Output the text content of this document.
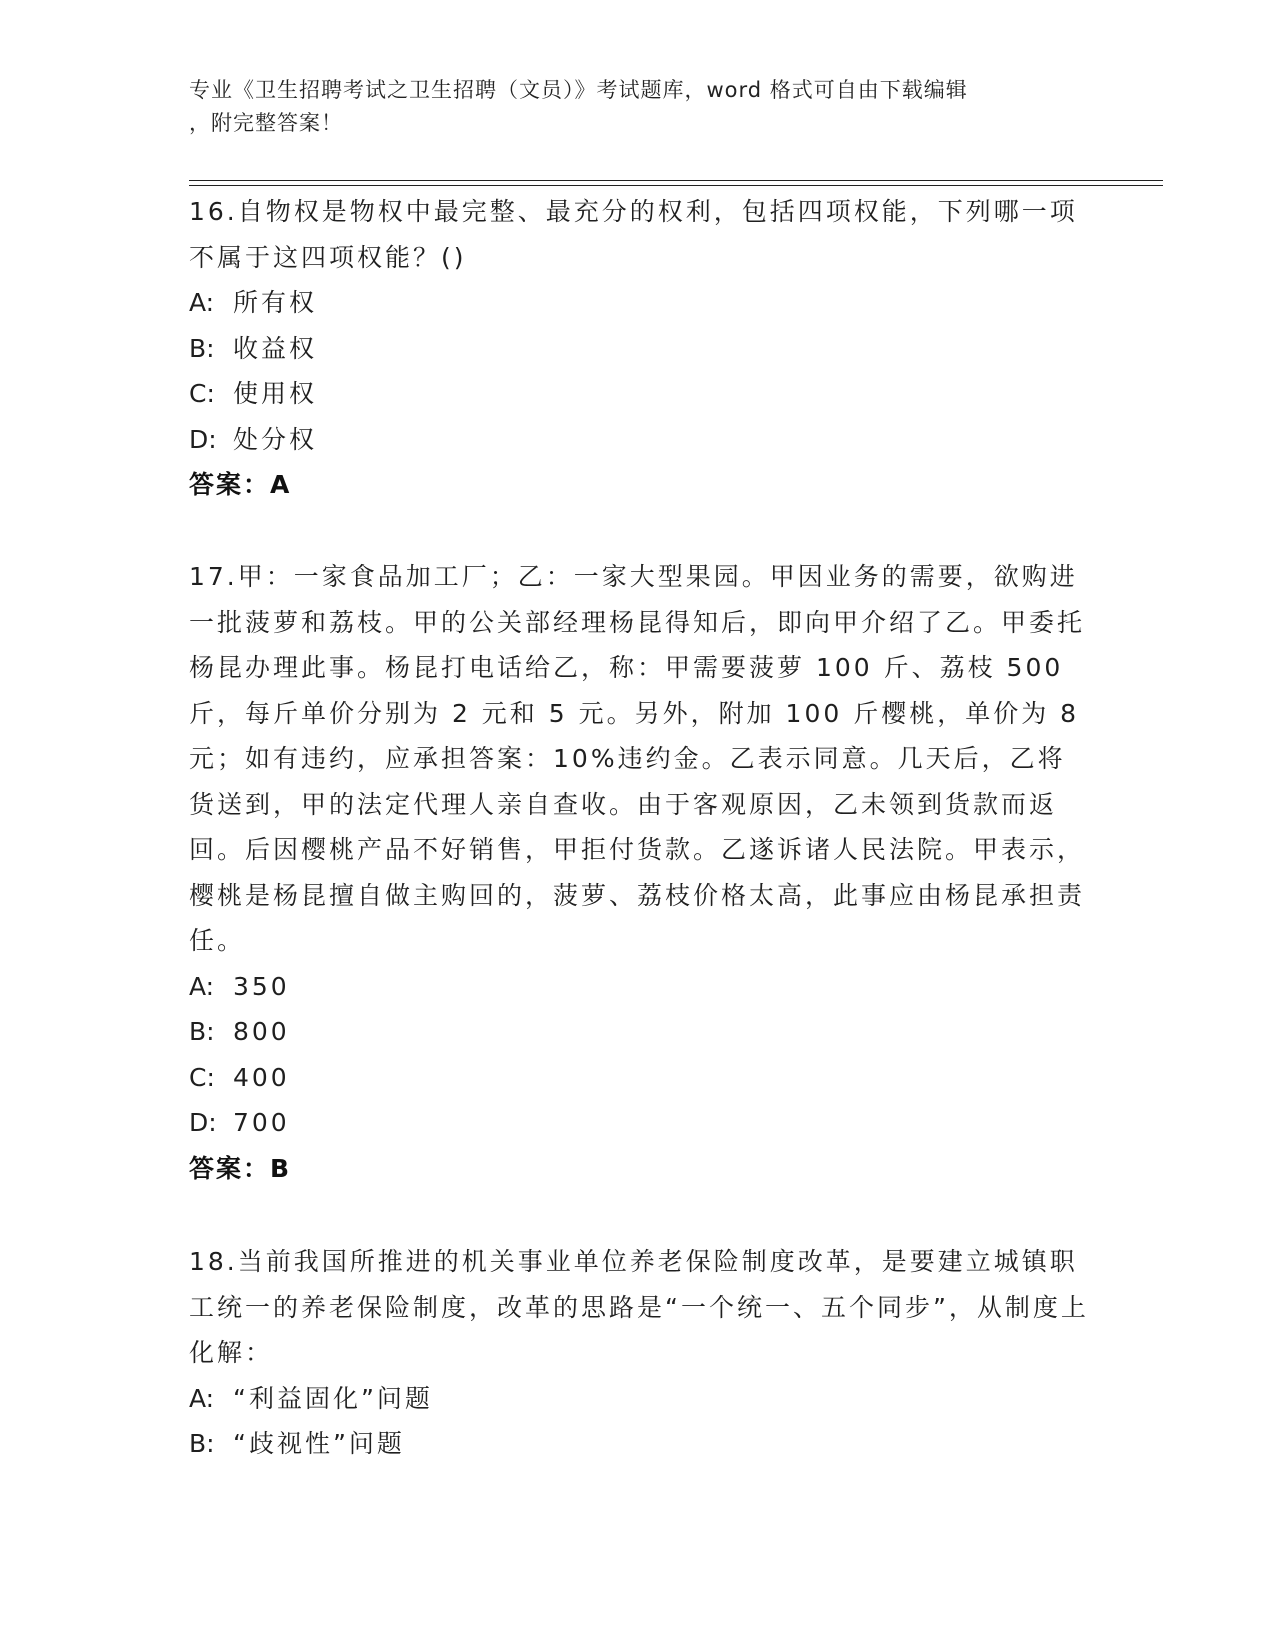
专业《卫生招聘考试之卫生招聘（文员）》考试题库，word 格式可自由下载编辑
，附完整答案！

16.自物权是物权中最完整、最充分的权利，包括四项权能，下列哪一项不属于这四项权能？()

A: 所有权

B: 收益权

C: 使用权

D: 处分权

答案：A

17.甲：一家食品加工厂；乙：一家大型果园。甲因业务的需要，欲购进一批菠萝和荔枝。甲的公关部经理杨昆得知后，即向甲介绍了乙。甲委托杨昆办理此事。杨昆打电话给乙，称：甲需要菠萝 100 斤、荔枝 500 斤，每斤单价分别为 2 元和 5 元。另外，附加 100 斤樱桃，单价为 8 元；如有违约，应承担答案：10%违约金。乙表示同意。几天后，乙将货送到，甲的法定代理人亲自查收。由于客观原因，乙未领到货款而返回。后因樱桃产品不好销售，甲拒付货款。乙遂诉诸人民法院。甲表示，樱桃是杨昆擅自做主购回的，菠萝、荔枝价格太高，此事应由杨昆承担责任。

A: 350

B: 800

C: 400

D: 700

答案：B

18.当前我国所推进的机关事业单位养老保险制度改革，是要建立城镇职工统一的养老保险制度，改革的思路是“一个统一、五个同步”，从制度上化解：

A: “利益固化”问题

B: “歧视性”问题
